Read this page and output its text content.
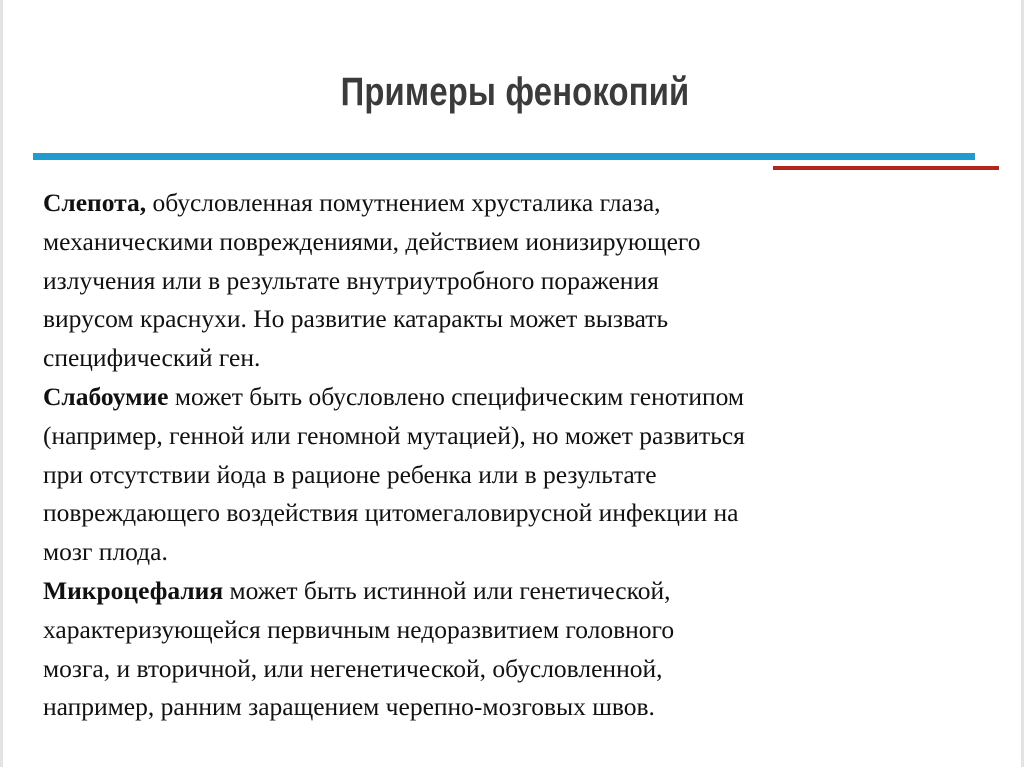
Примеры фенокопий
Слепота, обусловленная помутнением хрусталика глаза,
механическими повреждениями, действием ионизирующего
излучения или в результате внутриутробного поражения
вирусом краснухи. Но развитие катаракты может вызвать
специфический ген.
Слабоумие может быть обусловлено специфическим генотипом
(например, генной или геномной мутацией), но может развиться
при отсутствии йода в рационе ребенка или в результате
повреждающего воздействия цитомегаловирусной инфекции на
мозг плода.
Микроцефалия может быть истинной или генетической,
характеризующейся первичным недоразвитием головного
мозга, и вторичной, или негенетической, обусловленной,
например, ранним заращением черепно-мозговых швов.
